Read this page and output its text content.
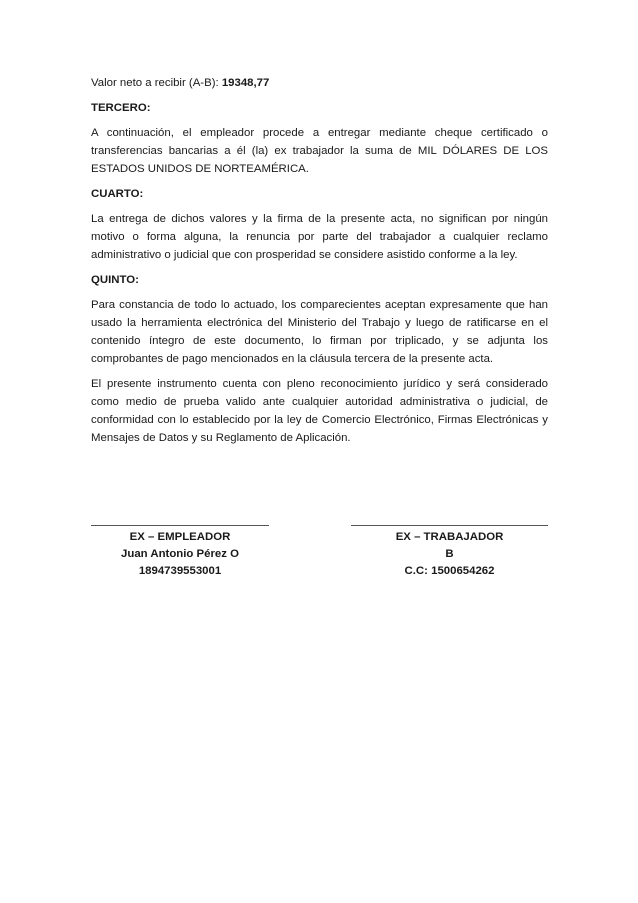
Valor neto a recibir (A-B): 19348,77

TERCERO:

A continuación, el empleador procede a entregar mediante cheque certificado o transferencias bancarias a él (la) ex trabajador la suma de MIL DÓLARES DE LOS ESTADOS UNIDOS DE NORTEAMÉRICA.

CUARTO:

La entrega de dichos valores y la firma de la presente acta, no significan por ningún motivo o forma alguna, la renuncia por parte del trabajador a cualquier reclamo administrativo o judicial que con prosperidad se considere asistido conforme a la ley.

QUINTO:

Para constancia de todo lo actuado, los comparecientes aceptan expresamente que han usado la herramienta electrónica del Ministerio del Trabajo y luego de ratificarse en el contenido íntegro de este documento, lo firman por triplicado, y se adjunta los comprobantes de pago mencionados en la cláusula tercera de la presente acta.

El presente instrumento cuenta con pleno reconocimiento jurídico y será considerado como medio de prueba valido ante cualquier autoridad administrativa o judicial, de conformidad con lo establecido por la ley de Comercio Electrónico, Firmas Electrónicas y Mensajes de Datos y su Reglamento de Aplicación.

EX – EMPLEADOR
Juan Antonio Pérez O
1894739553001
EX – TRABAJADOR
B
C.C: 1500654262
